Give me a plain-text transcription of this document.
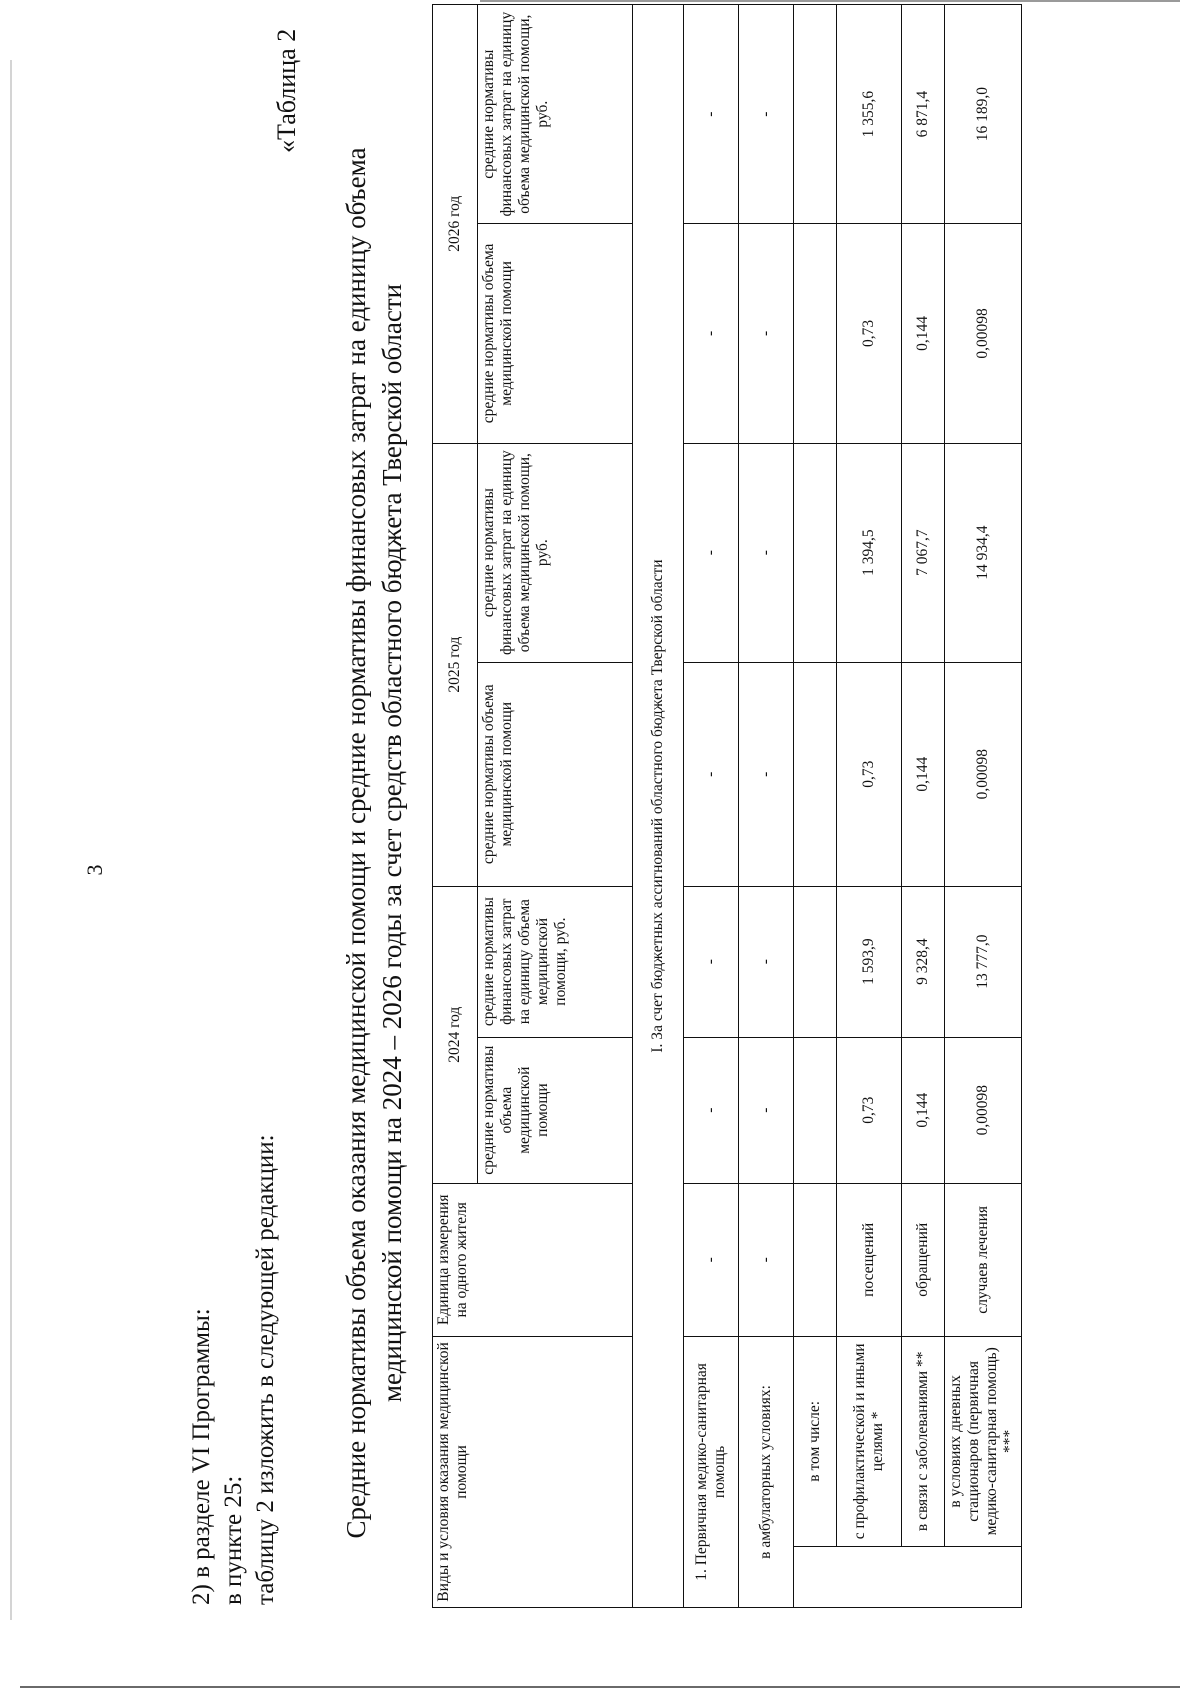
3
2) в разделе VI Программы: в пункте 25: таблицу 2 изложить в следующей редакции:
«Таблица 2
Средние нормативы объема оказания медицинской помощи и средние нормативы финансовых затрат на единицу объема медицинской помощи на 2024 – 2026 годы за счет средств областного бюджета Тверской области
Виды и условия оказания медицинской помощи		Единица измерения на одного жителя	2024 год		2025 год		2026 год	
			средние нормативы объема медицинской помощи	средние нормативы финансовых затрат на единицу объема медицинской помощи, руб.	средние нормативы объема медицинской помощи	средние нормативы финансовых затрат на единицу объема медицинской помощи, руб.	средние нормативы объема медицинской помощи	средние нормативы финансовых затрат на единицу объема медицинской помощи, руб.
I. За счет бюджетных ассигнований областного бюджета Тверской области								
1. Первичная медико-санитарная помощь		-	-	-	-	-	-	-
в амбулаторных условиях:		-	-	-	-	-	-	-
	в том числе:							
	с профилактической и иными целями *	посещений	0,73	1 593,9	0,73	1 394,5	0,73	1 355,6
	в связи с заболеваниями **	обращений	0,144	9 328,4	0,144	7 067,7	0,144	6 871,4
	в условиях дневных стационаров (первичная медико-санитарная помощь) ***	случаев лечения	0,00098	13 777,0	0,00098	14 934,4	0,00098	16 189,0
